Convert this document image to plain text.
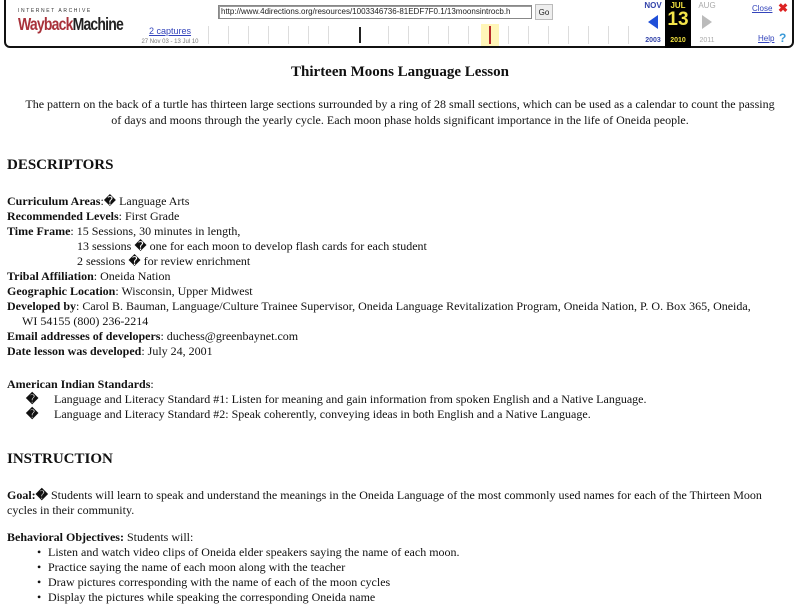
INTERNET ARCHIVE
WaybackMachine
http://www.4directions.org/resources/1003346736-81EDF7F0.1/13moonsintrocb.h
Go
2 captures
27 Nov 03 - 13 Jul 10
NOV
2003
JUL
13
2010
AUG
2011
Close ✖
Help ?
Thirteen Moons Language Lesson
The pattern on the back of a turtle has thirteen large sections surrounded by a ring of 28 small sections, which can be used as a calendar to count the passing of days and moons through the yearly cycle. Each moon phase holds significant importance in the life of Oneida people.
DESCRIPTORS
Curriculum Areas:� Language Arts
Recommended Levels: First Grade
Time Frame: 15 Sessions, 30 minutes in length,
13 sessions � one for each moon to develop flash cards for each student
2 sessions � for review enrichment
Tribal Affiliation: Oneida Nation
Geographic Location: Wisconsin, Upper Midwest
Developed by: Carol B. Bauman, Language/Culture Trainee Supervisor, Oneida Language Revitalization Program, Oneida Nation, P. O. Box 365, Oneida,
WI 54155 (800) 236-2214
Email addresses of developers: duchess@greenbaynet.com
Date lesson was developed: July 24, 2001
American Indian Standards:
� Language and Literacy Standard #1: Listen for meaning and gain information from spoken English and a Native Language.
� Language and Literacy Standard #2: Speak coherently, conveying ideas in both English and a Native Language.
INSTRUCTION
Goal:� Students will learn to speak and understand the meanings in the Oneida Language of the most commonly used names for each of the Thirteen Moon
cycles in their community.
Behavioral Objectives: Students will:
• Listen and watch video clips of Oneida elder speakers saying the name of each moon.
• Practice saying the name of each moon along with the teacher
• Draw pictures corresponding with the name of each of the moon cycles
• Display the pictures while speaking the corresponding Oneida name
